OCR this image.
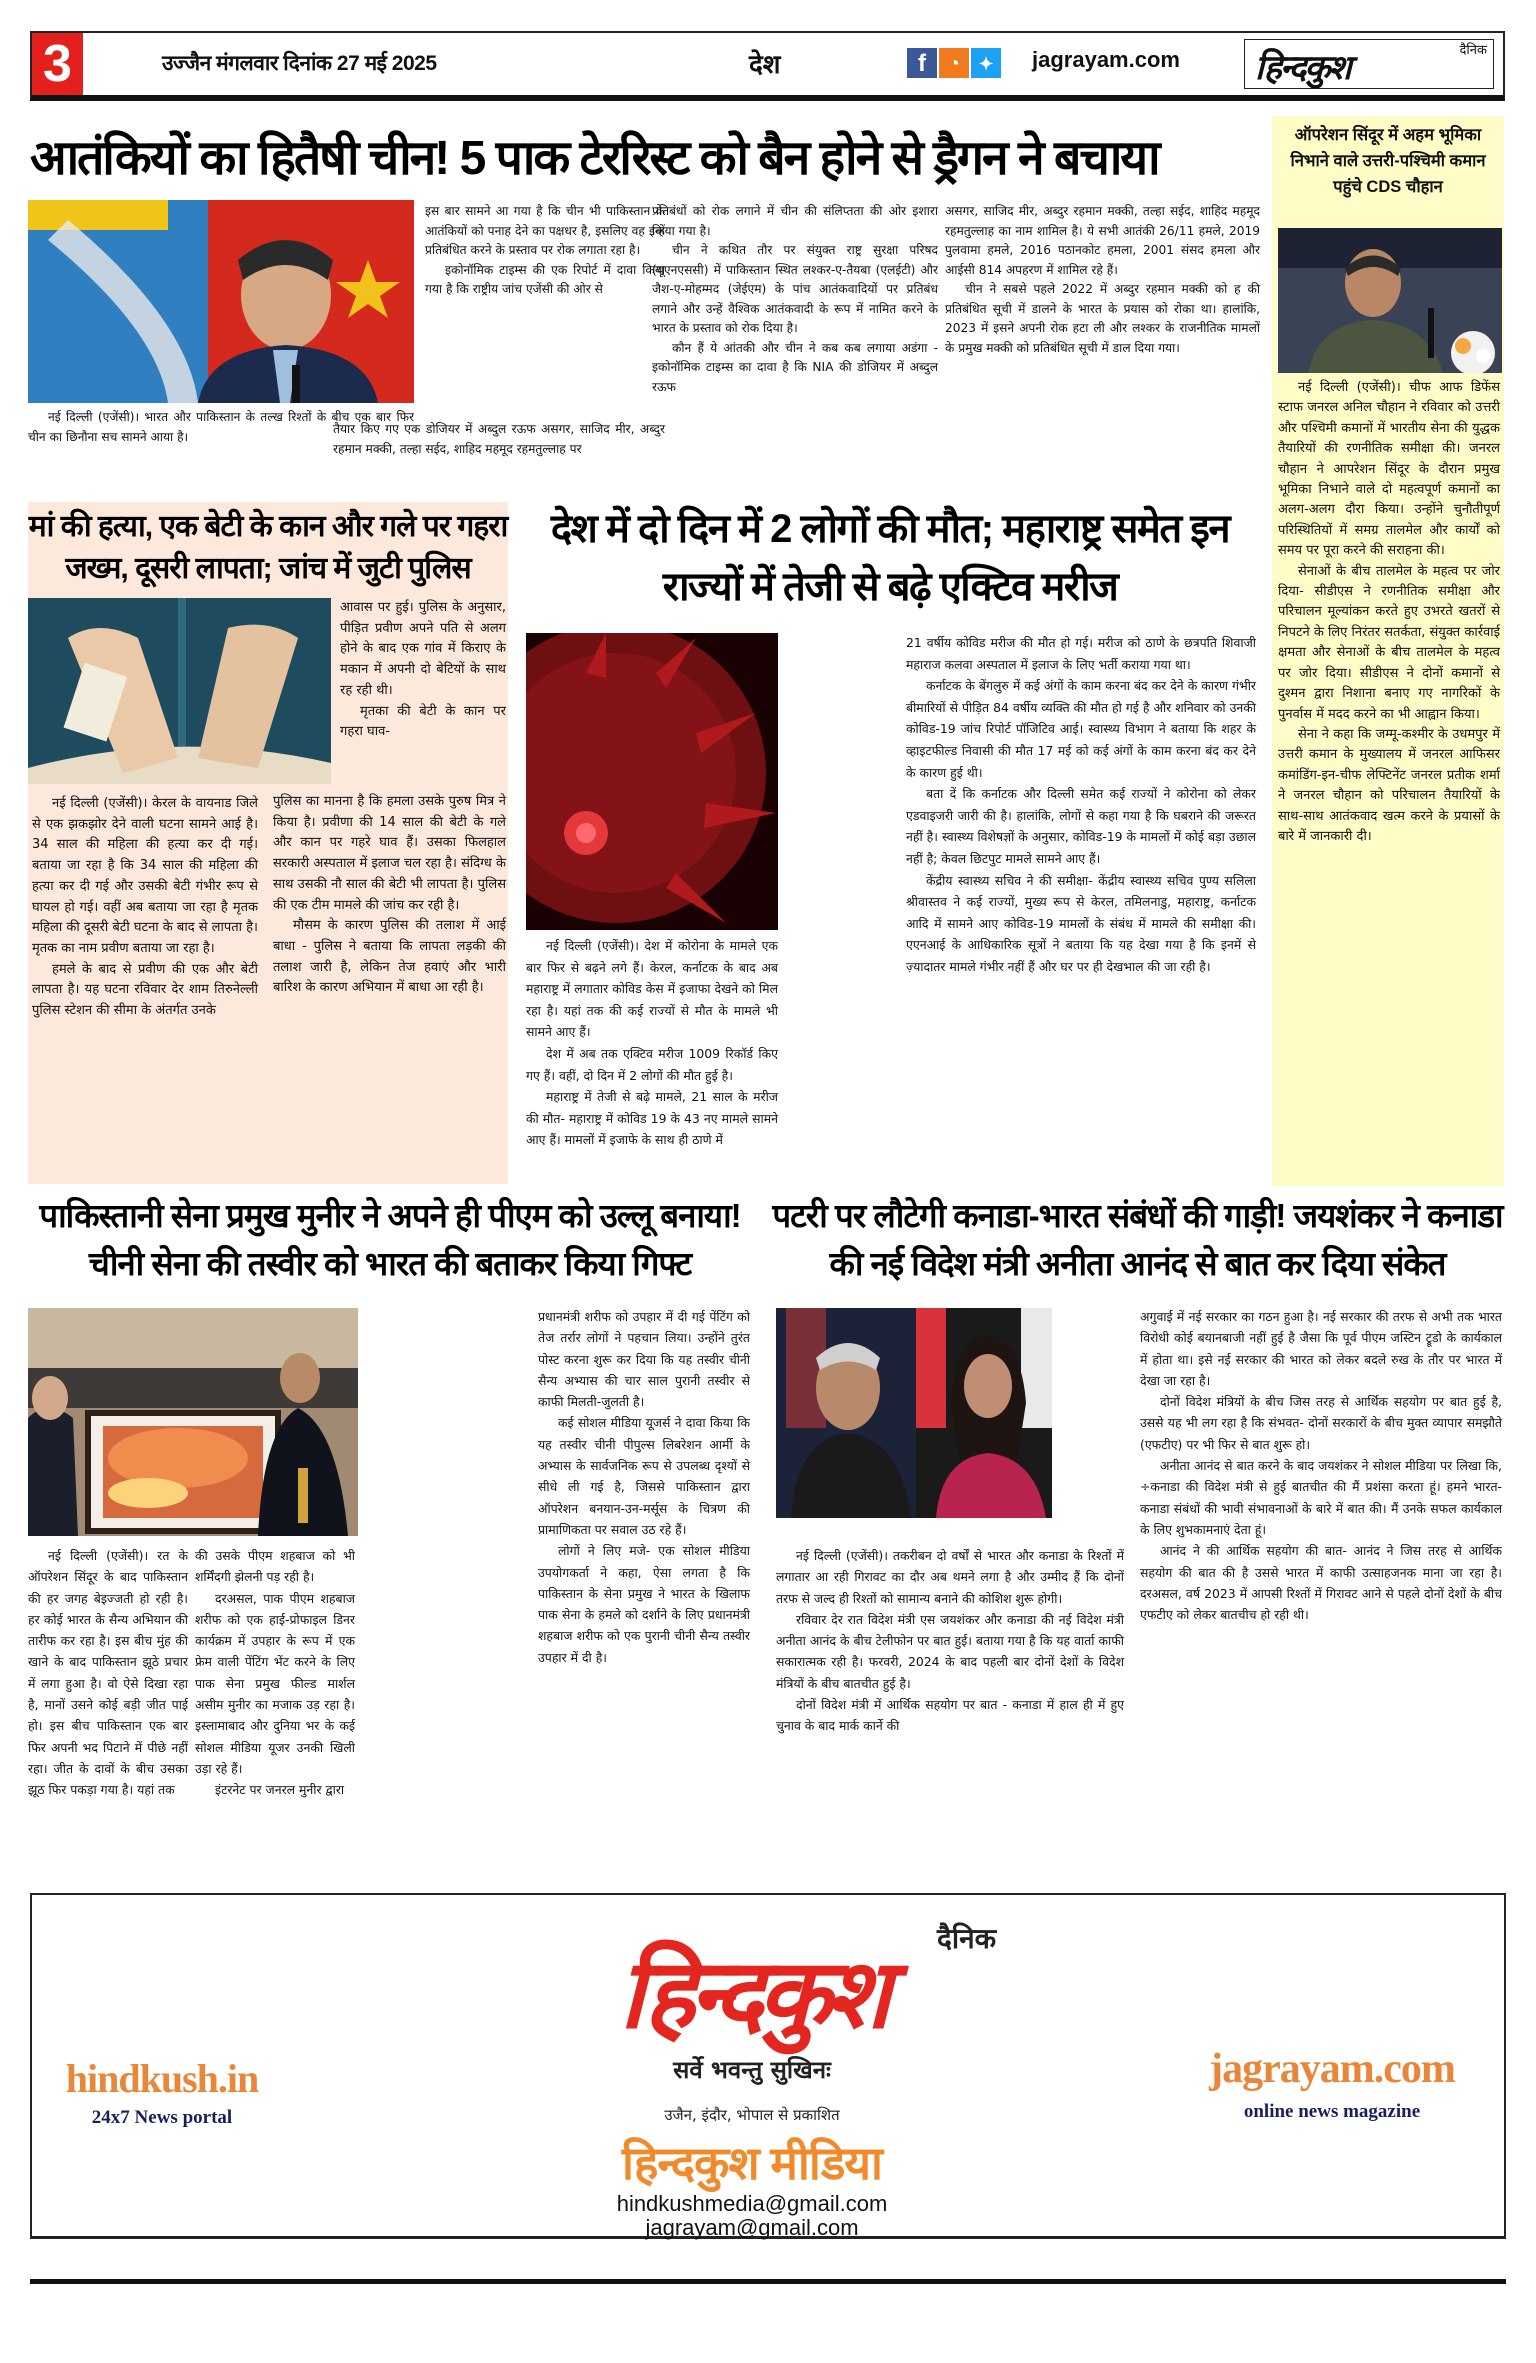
3	उज्जैन मंगलवार दिनांक 27 मई 2025	देश	f	◔	✦	jagrayam.com	दैनिक
हिन्दकुश
आतंकियों का हितैषी चीन! 5 पाक टेररिस्ट को बैन होने से ड्रैगन ने बचाया

नई दिल्ली (एजेंसी)। भारत और पाकिस्तान के तल्ख रिश्तों के बीच एक बार फिर चीन का छिनौना सच सामने आया है।

इस बार सामने आ गया है कि चीन भी पाकिस्तान के आतंकियों को पनाह देने का पक्षधर है, इसलिए वह इन्हें प्रतिबंधित करने के प्रस्ताव पर रोक लगाता रहा है।

इकोनॉमिक टाइम्स की एक रिपोर्ट में दावा किया गया है कि राष्ट्रीय जांच एजेंसी की ओर से

तैयार किए गए एक डोजियर में अब्दुल रऊफ असगर, साजिद मीर, अब्दुर रहमान मक्की, तल्हा सईद, शाहिद महमूद रहमतुल्लाह पर

प्रतिबंधों को रोक लगाने में चीन की संलिप्तता की ओर इशारा किया गया है।

चीन ने कथित तौर पर संयुक्त राष्ट्र सुरक्षा परिषद (यूएनएससी) में पाकिस्तान स्थित लश्कर-ए-तैयबा (एलईटी) और जैश-ए-मोहम्मद (जेईएम) के पांच आतंकवादियों पर प्रतिबंध लगाने और उन्हें वैश्विक आतंकवादी के रूप में नामित करने के भारत के प्रस्ताव को रोक दिया है।

कौन हैं ये आंतकी और चीन ने कब कब लगाया अडंगा - इकोनॉमिक टाइम्स का दावा है कि NIA की डोजियर में अब्दुल रऊफ

असगर, साजिद मीर, अब्दुर रहमान मक्की, तल्हा सईद, शाहिद महमूद रहमतुल्लाह का नाम शामिल है। ये सभी आतंकी 26/11 हमले, 2019 पुलवामा हमले, 2016 पठानकोट हमला, 2001 संसद हमला और आईसी 814 अपहरण में शामिल रहे हैं।

चीन ने सबसे पहले 2022 में अब्दुर रहमान मक्की को ह की प्रतिबंधित सूची में डालने के भारत के प्रयास को रोका था। हालांकि, 2023 में इसने अपनी रोक हटा ली और लश्कर के राजनीतिक मामलों के प्रमुख मक्की को प्रतिबंधित सूची में डाल दिया गया।

ऑपरेशन सिंदूर में अहम भूमिका निभाने वाले उत्तरी-पश्चिमी कमान पहुंचे CDS चौहान

नई दिल्ली (एजेंसी)। चीफ आफ डिफेंस स्टाफ जनरल अनिल चौहान ने रविवार को उत्तरी और पश्चिमी कमानों में भारतीय सेना की युद्धक तैयारियों की रणनीतिक समीक्षा की। जनरल चौहान ने आपरेशन सिंदूर के दौरान प्रमुख भूमिका निभाने वाले दो महत्वपूर्ण कमानों का अलग-अलग दौरा किया। उन्होंने चुनौतीपूर्ण परिस्थितियों में समग्र तालमेल और कार्यों को समय पर पूरा करने की सराहना की।

सेनाओं के बीच तालमेल के महत्व पर जोर दिया- सीडीएस ने रणनीतिक समीक्षा और परिचालन मूल्यांकन करते हुए उभरते खतरों से निपटने के लिए निरंतर सतर्कता, संयुक्त कार्रवाई क्षमता और सेनाओं के बीच तालमेल के महत्व पर जोर दिया। सीडीएस ने दोनों कमानों से दुश्मन द्वारा निशाना बनाए गए नागरिकों के पुनर्वास में मदद करने का भी आह्वान किया।

सेना ने कहा कि जम्मू-कश्मीर के उधमपुर में उत्तरी कमान के मुख्यालय में जनरल आफिसर कमांडिंग-इन-चीफ लेफ्टिनेंट जनरल प्रतीक शर्मा ने जनरल चौहान को परिचालन तैयारियों के साथ-साथ आतंकवाद खत्म करने के प्रयासों के बारे में जानकारी दी।

मां की हत्या, एक बेटी के कान और गले पर गहरा जख्म, दूसरी लापता; जांच में जुटी पुलिस

आवास पर हुई। पुलिस के अनुसार, पीड़ित प्रवीण अपने पति से अलग होने के बाद एक गांव में किराए के मकान में अपनी दो बेटियों के साथ रह रही थी।

मृतका की बेटी के कान पर गहरा घाव-

नई दिल्ली (एजेंसी)। केरल के वायनाड जिले से एक झकझोर देने वाली घटना सामने आई है। 34 साल की महिला की हत्या कर दी गई। बताया जा रहा है कि 34 साल की महिला की हत्या कर दी गई और उसकी बेटी गंभीर रूप से घायल हो गई। वहीं अब बताया जा रहा है मृतक महिला की दूसरी बेटी घटना के बाद से लापता है। मृतक का नाम प्रवीण बताया जा रहा है।

हमले के बाद से प्रवीण की एक और बेटी लापता है। यह घटना रविवार देर शाम तिरुनेल्ली पुलिस स्टेशन की सीमा के अंतर्गत उनके

पुलिस का मानना है कि हमला उसके पुरुष मित्र ने किया है। प्रवीणा की 14 साल की बेटी के गले और कान पर गहरे घाव हैं। उसका फिलहाल सरकारी अस्पताल में इलाज चल रहा है। संदिग्ध के साथ उसकी नौ साल की बेटी भी लापता है। पुलिस की एक टीम मामले की जांच कर रही है।

मौसम के कारण पुलिस की तलाश में आई बाधा - पुलिस ने बताया कि लापता लड़की की तलाश जारी है, लेकिन तेज हवाएं और भारी बारिश के कारण अभियान में बाधा आ रही है।

देश में दो दिन में 2 लोगों की मौत; महाराष्ट्र समेत इन राज्यों में तेजी से बढ़े एक्टिव मरीज

नई दिल्ली (एजेंसी)। देश में कोरोना के मामले एक बार फिर से बढ़ने लगे हैं। केरल, कर्नाटक के बाद अब महाराष्ट्र में लगातार कोविड केस में इजाफा देखने को मिल रहा है। यहां तक की कई राज्यों से मौत के मामले भी सामने आए हैं।

देश में अब तक एक्टिव मरीज 1009 रिकॉर्ड किए गए हैं। वहीं, दो दिन में 2 लोगों की मौत हुई है।

महाराष्ट्र में तेजी से बढ़े मामले, 21 साल के मरीज की मौत- महाराष्ट्र में कोविड 19 के 43 नए मामले सामने आए हैं। मामलों में इजाफे के साथ ही ठाणे में

21 वर्षीय कोविड मरीज की मौत हो गई। मरीज को ठाणे के छत्रपति शिवाजी महाराज कलवा अस्पताल में इलाज के लिए भर्ती कराया गया था।

कर्नाटक के बेंगलुरु में कई अंगों के काम करना बंद कर देने के कारण गंभीर बीमारियों से पीड़ित 84 वर्षीय व्यक्ति की मौत हो गई है और शनिवार को उनकी कोविड-19 जांच रिपोर्ट पॉजिटिव आई। स्वास्थ्य विभाग ने बताया कि शहर के व्हाइटफील्ड निवासी की मौत 17 मई को कई अंगों के काम करना बंद कर देने के कारण हुई थी।

बता दें कि कर्नाटक और दिल्ली समेत कई राज्यों ने कोरोना को लेकर एडवाइजरी जारी की है। हालांकि, लोगों से कहा गया है कि घबराने की जरूरत नहीं है। स्वास्थ्य विशेषज्ञों के अनुसार, कोविड-19 के मामलों में कोई बड़ा उछाल नहीं है; केवल छिटपुट मामले सामने आए हैं।

केंद्रीय स्वास्थ्य सचिव ने की समीक्षा- केंद्रीय स्वास्थ्य सचिव पुण्य सलिला श्रीवास्तव ने कई राज्यों, मुख्य रूप से केरल, तमिलनाडु, महाराष्ट्र, कर्नाटक आदि में सामने आए कोविड-19 मामलों के संबंध में मामले की समीक्षा की। एएनआई के आधिकारिक सूत्रों ने बताया कि यह देखा गया है कि इनमें से ज़्यादातर मामले गंभीर नहीं हैं और घर पर ही देखभाल की जा रही है।

पाकिस्तानी सेना प्रमुख मुनीर ने अपने ही पीएम को उल्लू बनाया! चीनी सेना की तस्वीर को भारत की बताकर किया गिफ्ट

नई दिल्ली (एजेंसी)। रत के ऑपरेशन सिंदूर के बाद पाकिस्तान की हर जगह बेइज्जती हो रही है। हर कोई भारत के सैन्य अभियान की तारीफ कर रहा है। इस बीच मुंह की खाने के बाद पाकिस्तान झूठे प्रचार में लगा हुआ है। वो ऐसे दिखा रहा है, मानों उसने कोई बड़ी जीत पाई हो। इस बीच पाकिस्तान एक बार फिर अपनी भद पिटाने में पीछे नहीं रहा। जीत के दावों के बीच उसका झूठ फिर पकड़ा गया है। यहां तक

की उसके पीएम शहबाज को भी शर्मिंदगी झेलनी पड़ रही है।

दरअसल, पाक पीएम शहबाज शरीफ को एक हाई-प्रोफाइल डिनर कार्यक्रम में उपहार के रूप में एक फ्रेम वाली पेंटिंग भेंट करने के लिए पाक सेना प्रमुख फील्ड मार्शल असीम मुनीर का मजाक उड़ रहा है। इस्लामाबाद और दुनिया भर के कई सोशल मीडिया यूजर उनकी खिली उड़ा रहे हैं।

इंटरनेट पर जनरल मुनीर द्वारा

प्रधानमंत्री शरीफ को उपहार में दी गई पेंटिंग को तेज तर्रार लोगों ने पहचान लिया। उन्होंने तुरंत पोस्ट करना शुरू कर दिया कि यह तस्वीर चीनी सैन्य अभ्यास की चार साल पुरानी तस्वीर से काफी मिलती-जुलती है।

कई सोशल मीडिया यूजर्स ने दावा किया कि यह तस्वीर चीनी पीपुल्स लिबरेशन आर्मी के अभ्यास के सार्वजनिक रूप से उपलब्ध दृश्यों से सीधे ली गई है, जिससे पाकिस्तान द्वारा ऑपरेशन बनयान-उन-मर्सूस के चित्रण की प्रामाणिकता पर सवाल उठ रहे हैं।

लोगों ने लिए मजे- एक सोशल मीडिया उपयोगकर्ता ने कहा, ऐसा लगता है कि पाकिस्तान के सेना प्रमुख ने भारत के खिलाफ पाक सेना के हमले को दर्शाने के लिए प्रधानमंत्री शहबाज शरीफ को एक पुरानी चीनी सैन्य तस्वीर उपहार में दी है।

पटरी पर लौटेगी कनाडा-भारत संबंधों की गाड़ी! जयशंकर ने कनाडा की नई विदेश मंत्री अनीता आनंद से बात कर दिया संकेत

नई दिल्ली (एजेंसी)। तकरीबन दो वर्षों से भारत और कनाडा के रिश्तों में लगातार आ रही गिरावट का दौर अब थमने लगा है और उम्मीद हैं कि दोनों तरफ से जल्द ही रिश्तों को सामान्य बनाने की कोशिश शुरू होगी।

रविवार देर रात विदेश मंत्री एस जयशंकर और कनाडा की नई विदेश मंत्री अनीता आनंद के बीच टेलीफोन पर बात हुई। बताया गया है कि यह वार्ता काफी सकारात्मक रही है। फरवरी, 2024 के बाद पहली बार दोनों देशों के विदेश मंत्रियों के बीच बातचीत हुई है।

दोनों विदेश मंत्री में आर्थिक सहयोग पर बात - कनाडा में हाल ही में हुए चुनाव के बाद मार्क कार्ने की

अगुवाई में नई सरकार का गठन हुआ है। नई सरकार की तरफ से अभी तक भारत विरोधी कोई बयानबाजी नहीं हुई है जैसा कि पूर्व पीएम जस्टिन ट्रूडो के कार्यकाल में होता था। इसे नई सरकार की भारत को लेकर बदले रुख के तौर पर भारत में देखा जा रहा है।

दोनों विदेश मंत्रियों के बीच जिस तरह से आर्थिक सहयोग पर बात हुई है, उससे यह भी लग रहा है कि संभवत- दोनों सरकारों के बीच मुक्त व्यापार समझौते (एफटीए) पर भी फिर से बात शुरू हो।

अनीता आनंद से बात करने के बाद जयशंकर ने सोशल मीडिया पर लिखा कि, ÷कनाडा की विदेश मंत्री से हुई बातचीत की मैं प्रशंसा करता हूं। हमने भारत-कनाडा संबंधों की भावी संभावनाओं के बारे में बात की। मैं उनके सफल कार्यकाल के लिए शुभकामनाएं देता हूं।

आनंद ने की आर्थिक सहयोग की बात- आनंद ने जिस तरह से आर्थिक सहयोग की बात की है उससे भारत में काफी उत्साहजनक माना जा रहा है। दरअसल, वर्ष 2023 में आपसी रिश्तों में गिरावट आने से पहले दोनों देशों के बीच एफटीए को लेकर बातचीच हो रही थी।

दैनिक
हिन्दकुश
सर्वे भवन्तु सुखिनः
उजैन, इंदौर, भोपाल से प्रकाशित
हिन्दकुश मीडिया
hindkushmedia@gmail.com
jagrayam@gmail.com
hindkush.in
24x7 News portal
jagrayam.com
online news magazine
